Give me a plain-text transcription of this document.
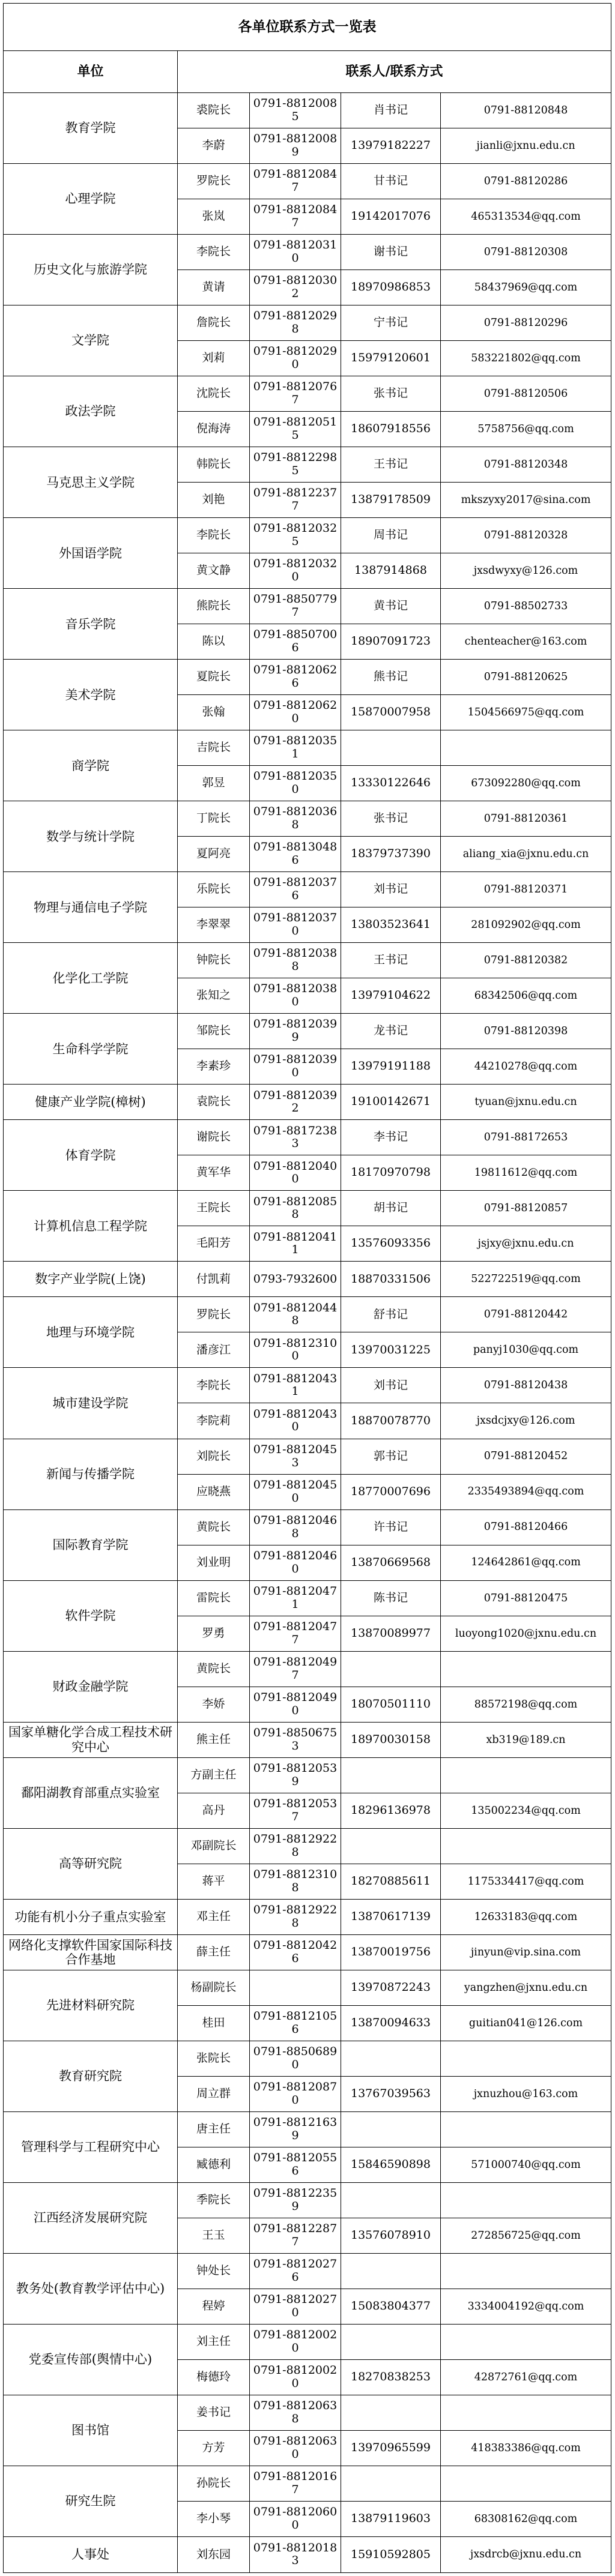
各单位联系方式一览表				
单位	联系人/联系方式			
教育学院	裘院长	0791-88120085	肖书记	0791-88120848
	李蔚	0791-88120089	13979182227	jianli@jxnu.edu.cn
心理学院	罗院长	0791-88120847	甘书记	0791-88120286
	张岚	0791-88120847	19142017076	465313534@qq.com
历史文化与旅游学院	李院长	0791-88120310	谢书记	0791-88120308
	黄请	0791-88120302	18970986853	58437969@qq.com
文学院	詹院长	0791-88120298	宁书记	0791-88120296
	刘莉	0791-88120290	15979120601	583221802@qq.com
政法学院	沈院长	0791-88120767	张书记	0791-88120506
	倪海涛	0791-88120515	18607918556	5758756@qq.com
马克思主义学院	韩院长	0791-88122985	王书记	0791-88120348
	刘艳	0791-88122377	13879178509	mkszyxy2017@sina.com
外国语学院	李院长	0791-88120325	周书记	0791-88120328
	黄文静	0791-88120320	1387914868	jxsdwyxy@126.com
音乐学院	熊院长	0791-88507797	黄书记	0791-88502733
	陈以	0791-88507006	18907091723	chenteacher@163.com
美术学院	夏院长	0791-88120626	熊书记	0791-88120625
	张翰	0791-88120620	15870007958	1504566975@qq.com
商学院	吉院长	0791-88120351		
	郭昱	0791-88120350	13330122646	673092280@qq.com
数学与统计学院	丁院长	0791-88120368	张书记	0791-88120361
	夏阿亮	0791-88130486	18379737390	aliang_xia@jxnu.edu.cn
物理与通信电子学院	乐院长	0791-88120376	刘书记	0791-88120371
	李翠翠	0791-88120370	13803523641	281092902@qq.com
化学化工学院	钟院长	0791-88120388	王书记	0791-88120382
	张知之	0791-88120380	13979104622	68342506@qq.com
生命科学学院	邹院长	0791-88120399	龙书记	0791-88120398
	李素珍	0791-88120390	13979191188	44210278@qq.com
健康产业学院(樟树)	袁院长	0791-88120392	19100142671	tyuan@jxnu.edu.cn
体育学院	谢院长	0791-88172383	李书记	0791-88172653
	黄军华	0791-88120400	18170970798	19811612@qq.com
计算机信息工程学院	王院长	0791-88120858	胡书记	0791-88120857
	毛阳芳	0791-88120411	13576093356	jsjxy@jxnu.edu.cn
数字产业学院(上饶)	付凯莉	0793-7932600	18870331506	522722519@qq.com
地理与环境学院	罗院长	0791-88120448	舒书记	0791-88120442
	潘彦江	0791-88123100	13970031225	panyj1030@qq.com
城市建设学院	李院长	0791-88120431	刘书记	0791-88120438
	李院莉	0791-88120430	18870078770	jxsdcjxy@126.com
新闻与传播学院	刘院长	0791-88120453	郭书记	0791-88120452
	应晓燕	0791-88120450	18770007696	2335493894@qq.com
国际教育学院	黄院长	0791-88120468	许书记	0791-88120466
	刘业明	0791-88120460	13870669568	124642861@qq.com
软件学院	雷院长	0791-88120471	陈书记	0791-88120475
	罗勇	0791-88120477	13870089977	luoyong1020@jxnu.edu.cn
财政金融学院	黄院长	0791-88120497		
	李娇	0791-88120490	18070501110	88572198@qq.com
国家单糖化学合成工程技术研究中心	熊主任	0791-88506753	18970030158	xb319@189.cn
鄱阳湖教育部重点实验室	方副主任	0791-88120539		
	高丹	0791-88120537	18296136978	135002234@qq.com
高等研究院	邓副院长	0791-88129228		
	蒋平	0791-88123108	18270885611	1175334417@qq.com
功能有机小分子重点实验室	邓主任	0791-88129228	13870617139	12633183@qq.com
网络化支撑软件国家国际科技合作基地	薛主任	0791-88120426	13870019756	jinyun@vip.sina.com
先进材料研究院	杨副院长		13970872243	yangzhen@jxnu.edu.cn
	桂田	0791-88121056	13870094633	guitian041@126.com
教育研究院	张院长	0791-88506890		
	周立群	0791-88120870	13767039563	jxnuzhou@163.com
管理科学与工程研究中心	唐主任	0791-88121639		
	臧德利	0791-88120556	15846590898	571000740@qq.com
江西经济发展研究院	季院长	0791-88122359		
	王玉	0791-88122877	13576078910	272856725@qq.com
教务处(教育教学评估中心)	钟处长	0791-88120276		
	程婷	0791-88120270	15083804377	3334004192@qq.com
党委宣传部(舆情中心)	刘主任	0791-88120020		
	梅德玲	0791-88120020	18270838253	42872761@qq.com
图书馆	姜书记	0791-88120638		
	方芳	0791-88120630	13970965599	418383386@qq.com
研究生院	孙院长	0791-88120167		
	李小琴	0791-88120600	13879119603	68308162@qq.com
人事处	刘东园	0791-88120183	15910592805	jxsdrcb@jxnu.edu.cn
